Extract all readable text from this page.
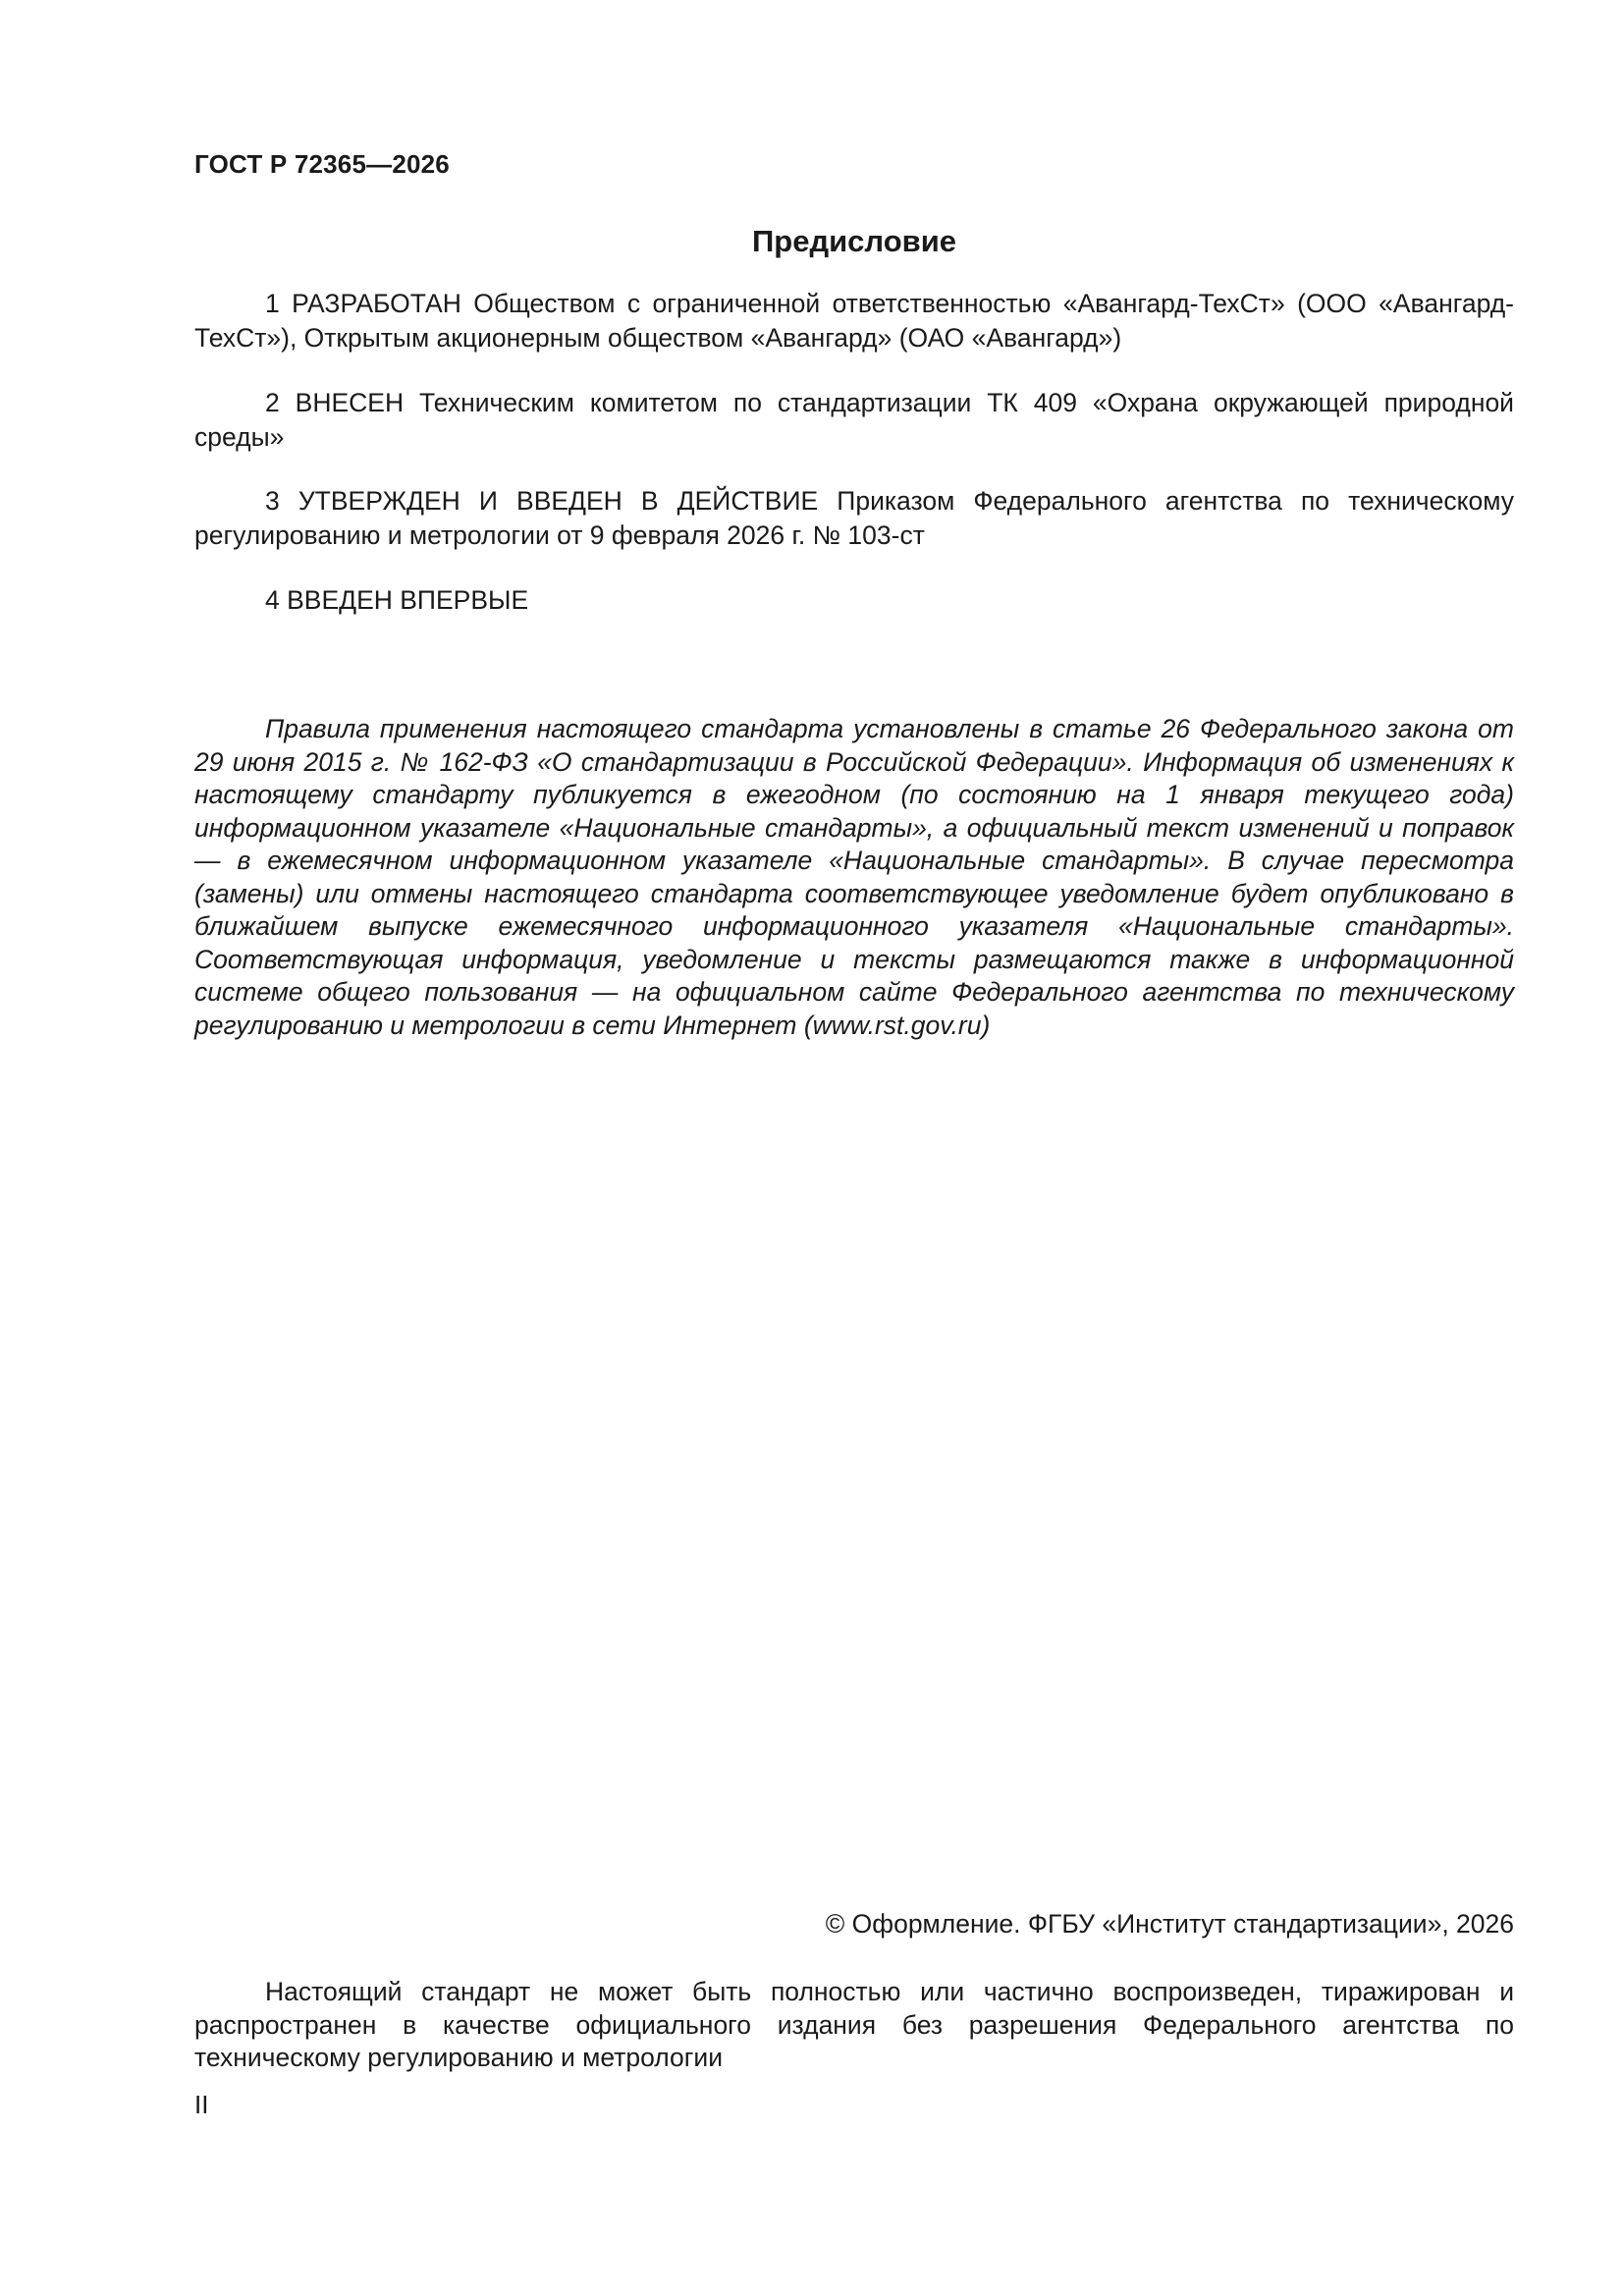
ГОСТ Р 72365—2026
Предисловие

1 РАЗРАБОТАН Обществом с ограниченной ответственностью «Авангард-ТехСт» (ООО «Авангард-ТехСт»), Открытым акционерным обществом «Авангард» (ОАО «Авангард»)

2 ВНЕСЕН Техническим комитетом по стандартизации ТК 409 «Охрана окружающей природной среды»

3 УТВЕРЖДЕН И ВВЕДЕН В ДЕЙСТВИЕ Приказом Федерального агентства по техническому регулированию и метрологии от 9 февраля 2026 г. № 103-ст

4 ВВЕДЕН ВПЕРВЫЕ

Правила применения настоящего стандарта установлены в статье 26 Федерального закона от 29 июня 2015 г. № 162-ФЗ «О стандартизации в Российской Федерации». Информация об изменениях к настоящему стандарту публикуется в ежегодном (по состоянию на 1 января текущего года) информационном указателе «Национальные стандарты», а официальный текст изменений и поправок — в ежемесячном информационном указателе «Национальные стандарты». В случае пересмотра (замены) или отмены настоящего стандарта соответствующее уведомление будет опубликовано в ближайшем выпуске ежемесячного информационного указателя «Национальные стандарты». Соответствующая информация, уведомление и тексты размещаются также в информационной системе общего пользования — на официальном сайте Федерального агентства по техническому регулированию и метрологии в сети Интернет (www.rst.gov.ru)

© Оформление. ФГБУ «Институт стандартизации», 2026

Настоящий стандарт не может быть полностью или частично воспроизведен, тиражирован и распространен в качестве официального издания без разрешения Федерального агентства по техническому регулированию и метрологии

II
